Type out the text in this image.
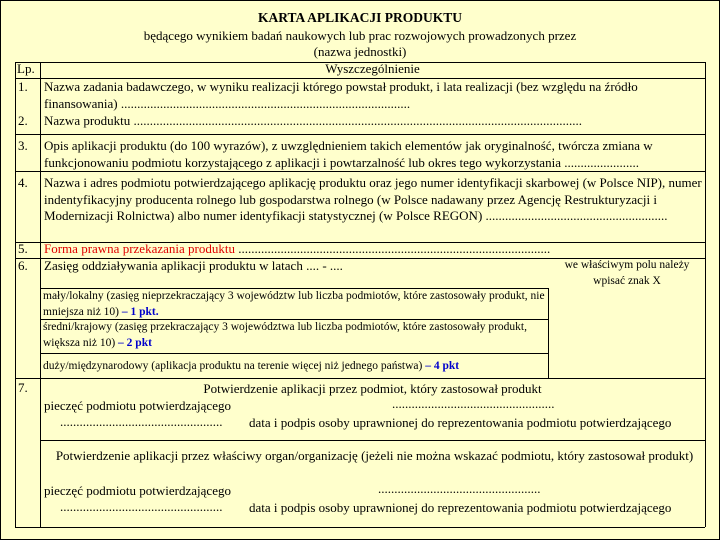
KARTA APLIKACJI PRODUKTU
będącego wynikiem badań naukowych lub prac rozwojowych prowadzonych przez
(nazwa jednostki)
Lp.	Wyszczególnienie
1. Nazwa zadania badawczego, w wyniku realizacji którego powstał produkt, i lata realizacji (bez względu na źródło finansowania) .........................................................................................
2. Nazwa produktu ..........................................................................................................................................
3. Opis aplikacji produktu (do 100 wyrazów), z uwzględnieniem takich elementów jak oryginalność, twórcza zmiana w funkcjonowaniu podmiotu korzystającego z aplikacji i powtarzalność lub okres tego wykorzystania .......................
4. Nazwa i adres podmiotu potwierdzającego aplikację produktu oraz jego numer identyfikacji skarbowej (w Polsce NIP), numer indentyfikacyjny producenta rolnego lub gospodarstwa rolnego (w Polsce nadawany przez Agencję Restrukturyzacji i Modernizacji Rolnictwa) albo numer identyfikacji statystycznej (w Polsce REGON) ........................................................
5. Forma prawna przekazania produktu ................................................................................................
6. Zasięg oddziaływania aplikacji produktu w latach .... - ....	we właściwym polu należy wpisać znak X
mały/lokalny (zasięg nieprzekraczający 3 województw lub liczba podmiotów, które zastosowały produkt, nie mniejsza niż 10) – 1 pkt.
średni/krajowy (zasięg przekraczający 3 województwa lub liczba podmiotów, które zastosowały produkt, większa niż 10) – 2 pkt
duży/międzynarodowy (aplikacja produktu na terenie więcej niż jednego państwa) – 4 pkt
7.	Potwierdzenie aplikacji przez podmiot, który zastosował produkt
pieczęć podmiotu potwierdzającego	..................................................
.................................................. data i podpis osoby uprawnionej do reprezentowania podmiotu potwierdzającego
Potwierdzenie aplikacji przez właściwy organ/organizację (jeżeli nie można wskazać podmiotu, który zastosował produkt)
pieczęć podmiotu potwierdzającego	..................................................
.................................................. data i podpis osoby uprawnionej do reprezentowania podmiotu potwierdzającego
